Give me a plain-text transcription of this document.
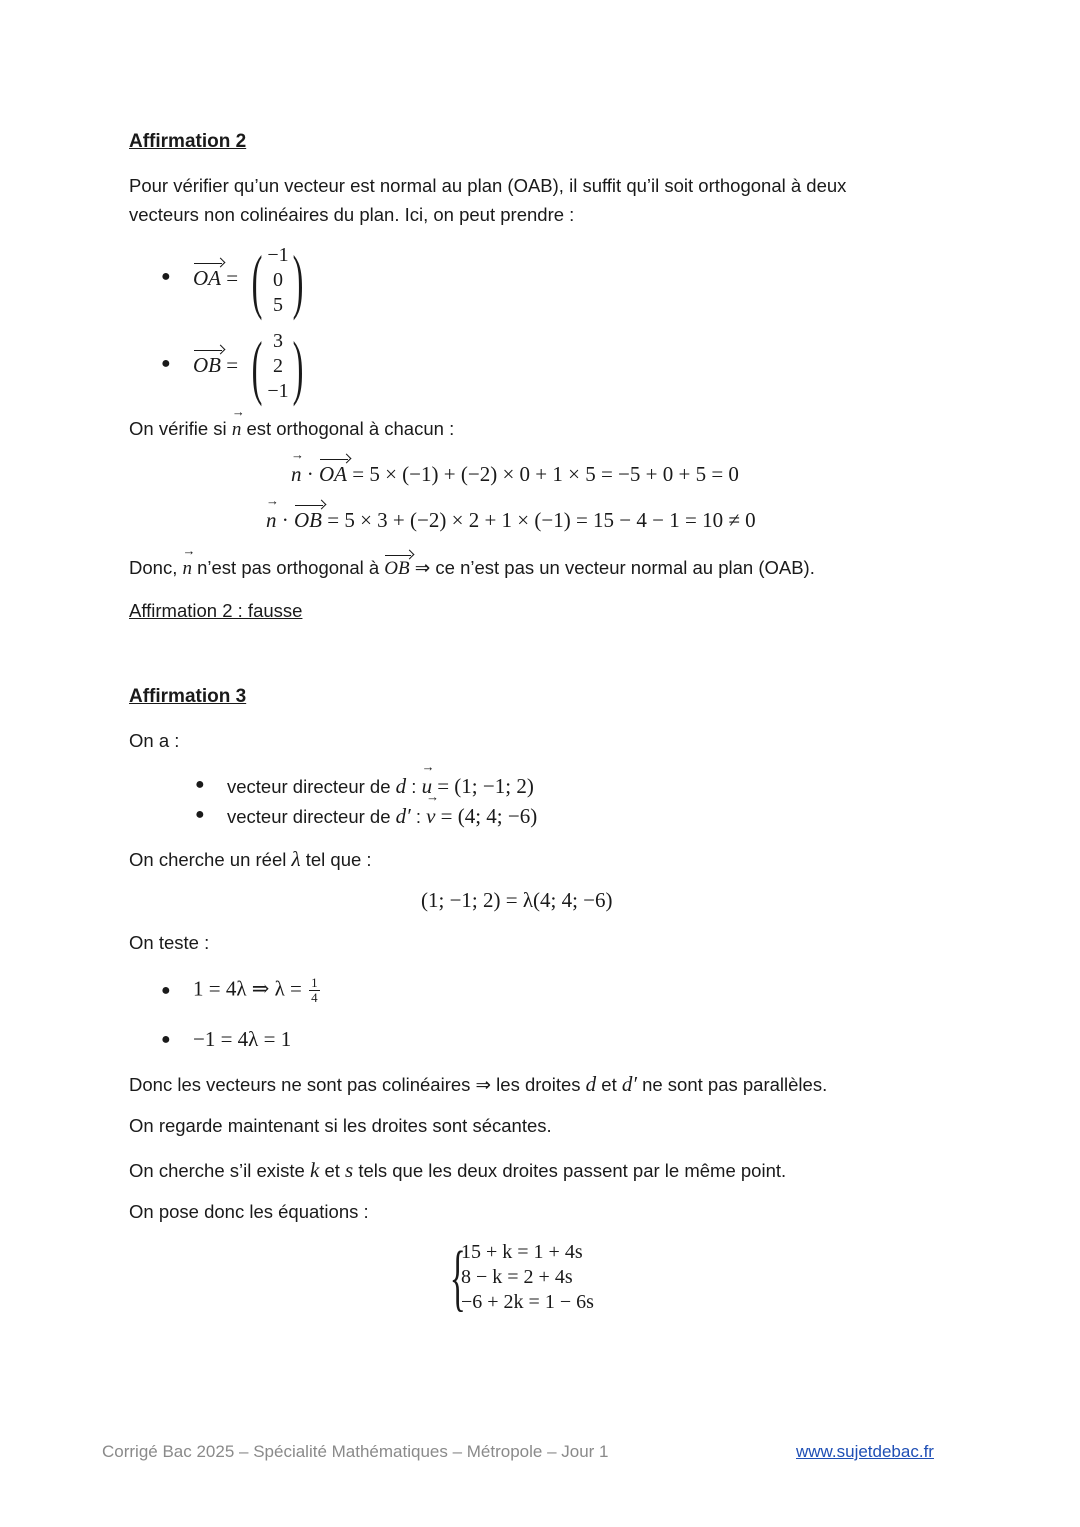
Affirmation 2
Pour vérifier qu’un vecteur est normal au plan (OAB), il suffit qu’il soit orthogonal à deux
vecteurs non colinéaires du plan. Ici, on peut prendre :
● OA = ( −1
0
5 )
● OB = ( 3
2
−1 )
On vérifie si n → est orthogonal à chacun :
n → · OA = 5 × (−1) + (−2) × 0 + 1 × 5 = −5 + 0 + 5 = 0
n → · OB = 5 × 3 + (−2) × 2 + 1 × (−1) = 15 − 4 − 1 = 10 ≠ 0
Donc, n → n’est pas orthogonal à OB ⇒ ce n’est pas un vecteur normal au plan (OAB).
Affirmation 2 : fausse
Affirmation 3
On a :
● vecteur directeur de d : u → = (1; −1; 2)
● vecteur directeur de d′ : v → = (4; 4; −6)
On cherche un réel λ tel que :
(1; −1; 2) = λ(4; 4; −6)
On teste :
● 1 = 4λ ⇒ $\lambda = \frac{1}{4}$
● −1 = 4λ = 1
Donc les vecteurs ne sont pas colinéaires ⇒ les droites d et d′ ne sont pas parallèles.
On regarde maintenant si les droites sont sécantes.
On cherche s’il existe k et s tels que les deux droites passent par le même point.
On pose donc les équations :
{
15 + k = 1 + 4s
8 − k = 2 + 4s
−6 + 2k = 1 − 6s
Corrigé Bac 2025 – Spécialité Mathématiques – Métropole – Jour 1	www.sujetdebac.fr
